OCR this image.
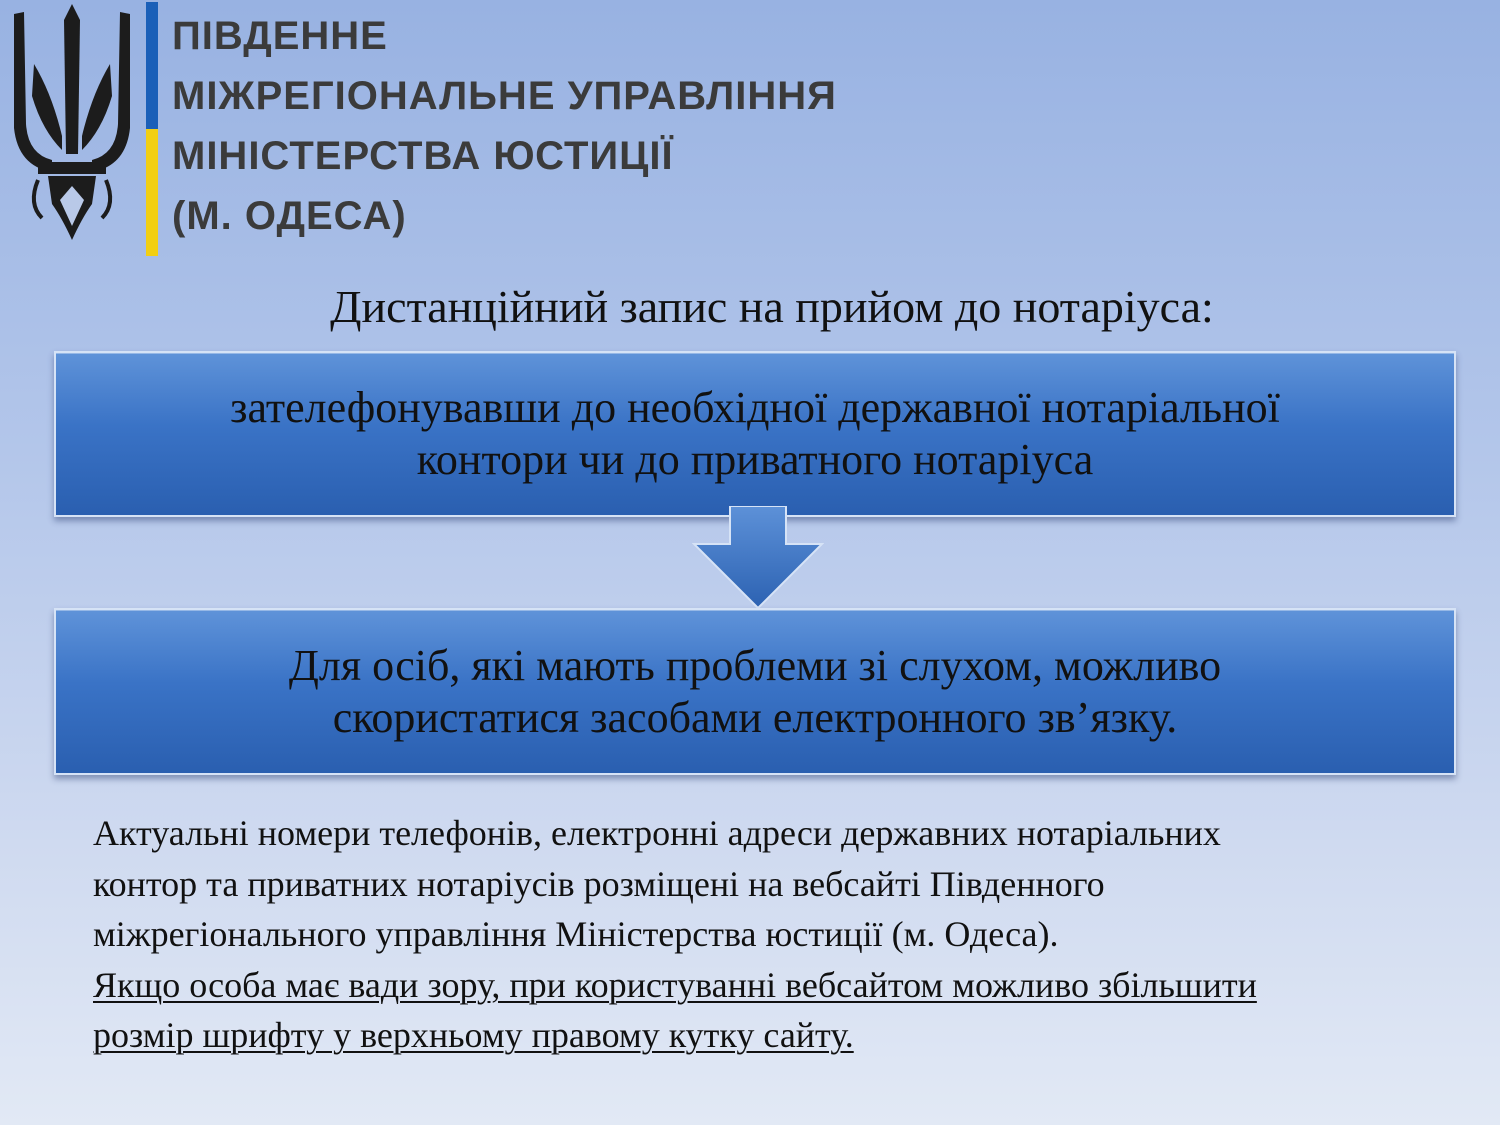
ПІВДЕННЕ
МІЖРЕГІОНАЛЬНЕ УПРАВЛІННЯ
МІНІСТЕРСТВА ЮСТИЦІЇ
(М. ОДЕСА)
Дистанційний запис на прийом до нотаріуса:

зателефонувавши до необхідної державної нотаріальної

контори чи до приватного нотаріуса

Для осіб, які мають проблеми зі слухом, можливо

скористатися засобами електронного зв’язку.

Актуальні номери телефонів, електронні адреси державних нотаріальних
контор та приватних нотаріусів розміщені на вебсайті Південного
міжрегіонального управління Міністерства юстиції (м. Одеса).
Якщо особа має вади зору, при користуванні вебсайтом можливо збільшити
розмір шрифту у верхньому правому кутку сайту.
